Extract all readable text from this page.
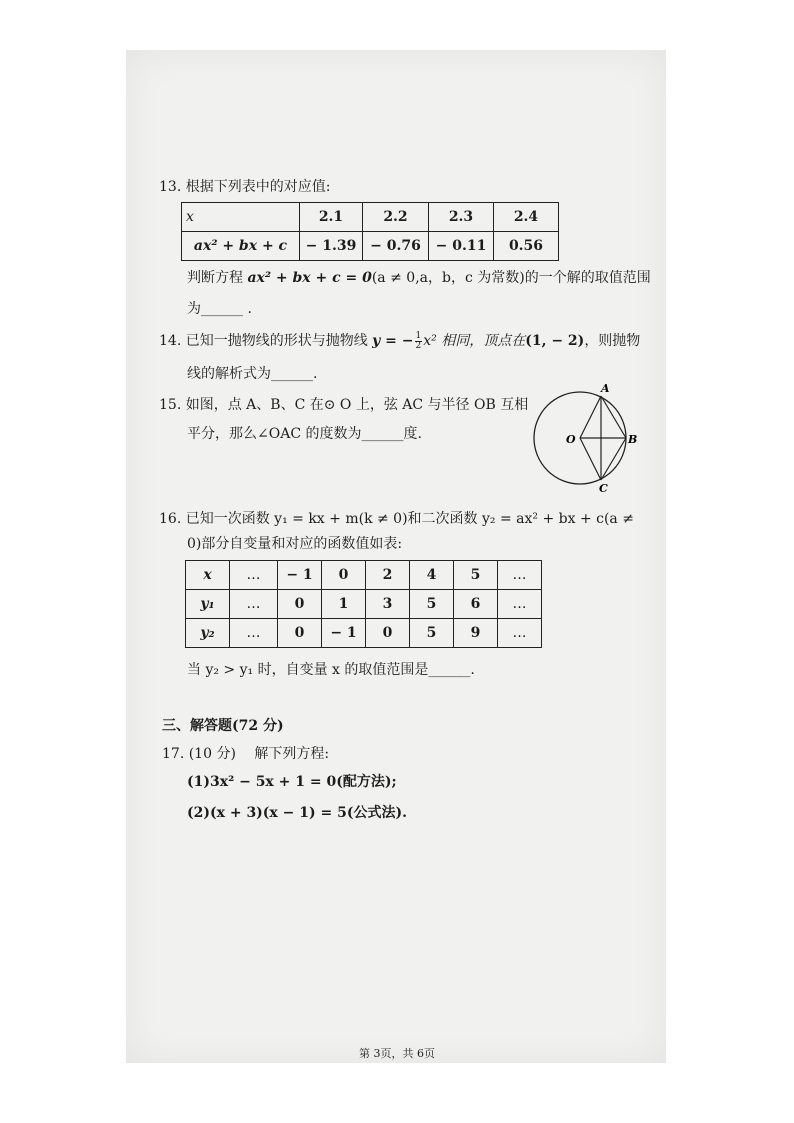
13. 根据下列表中的对应值:
x	2.1	2.2	2.3	2.4
ax² + bx + c	− 1.39	− 0.76	− 0.11	0.56
判断方程 ax² + bx + c = 0(a ≠ 0,a，b，c 为常数)的一个解的取值范围
为______ .
14. 已知一抛物线的形状与抛物线 y = − $\frac{1}{2} x^2$ 相同，顶点在(1, − 2)，则抛物
线的解析式为______.
15. 如图，点 A、B、C 在⊙ O 上，弦 AC 与半径 OB 互相
平分，那么∠OAC 的度数为______度.
A
B
C
O
16. 已知一次函数 y₁ = kx + m(k ≠ 0)和二次函数 y₂ = ax² + bx + c(a ≠
0)部分自变量和对应的函数值如表:
x	…	− 1	0	2	4	5	…
y₁	…	0	1	3	5	6	…
y₂	…	0	− 1	0	5	9	…
当 y₂ > y₁ 时，自变量 x 的取值范围是______.
三、解答题(72 分)
17. (10 分) 解下列方程:
(1)3x² − 5x + 1 = 0(配方法);
(2)(x + 3)(x − 1) = 5(公式法).
第 3页，共 6页
